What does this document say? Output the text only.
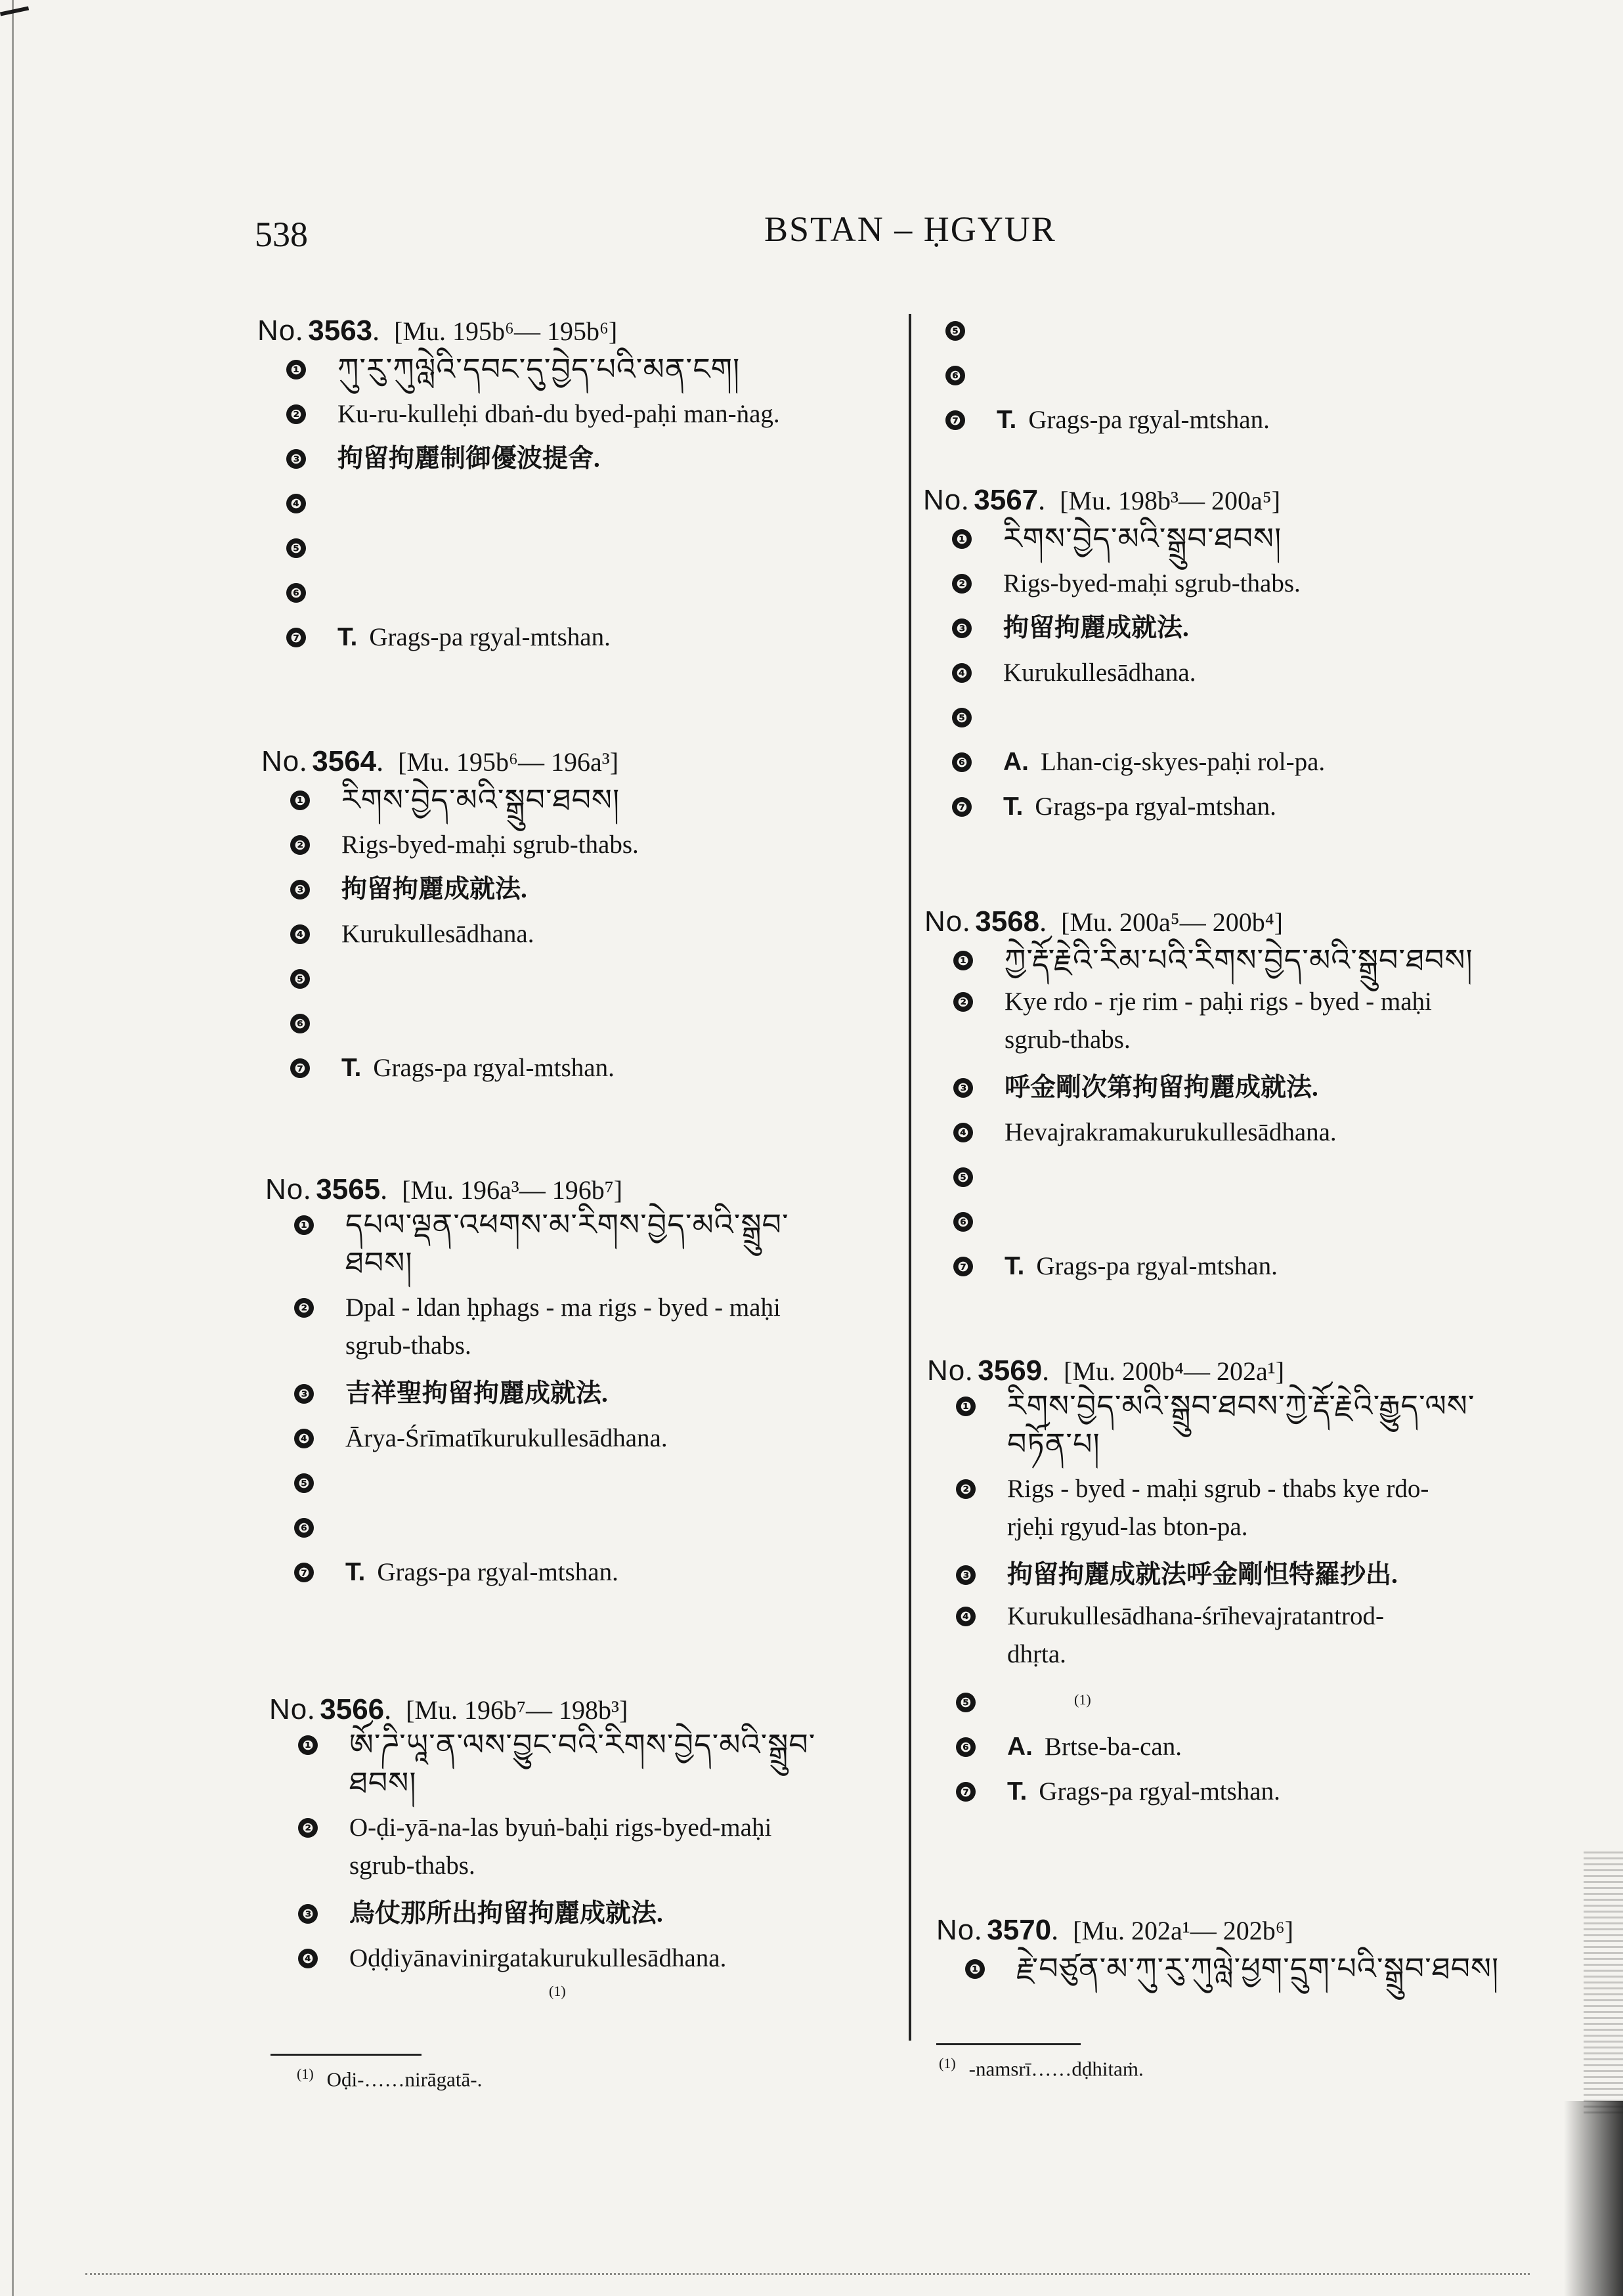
538	BSTAN – ḤGYUR
No . 3563 . [Mu. 195b⁶— 195b⁶]
❶ ཀུ་རུ་ཀུལླེའི་དབང་དུ་བྱེད་པའི་མན་ངག།
❷ Ku-ru-kulleḥi dbaṅ-du byed-paḥi man-ṅag.
❸ 拘留拘麗制御優波提舍.
❹
❺
❻
❼ T. Grags-pa rgyal-mtshan.
No . 3564 . [Mu. 195b⁶— 196a³]
❶ རིགས་བྱེད་མའི་སྒྲུབ་ཐབས།
❷ Rigs-byed-maḥi sgrub-thabs.
❸ 拘留拘麗成就法.
❹ Kurukullesādhana.
❺
❻
❼ T. Grags-pa rgyal-mtshan.
No . 3565 . [Mu. 196a³— 196b⁷]
❶ དཔལ་ལྡན་འཕགས་མ་རིགས་བྱེད་མའི་སྒྲུབ་
ཐབས།
❷ Dpal - ldan ḥphags - ma rigs - byed - maḥi
sgrub-thabs.
❸ 吉祥聖拘留拘麗成就法.
❹ Ārya-Śrīmatīkurukullesādhana.
❺
❻
❼ T. Grags-pa rgyal-mtshan.
No . 3566 . [Mu. 196b⁷— 198b³]
❶ ཨོ་ཌི་ཡཱ་ན་ལས་བྱུང་བའི་རིགས་བྱེད་མའི་སྒྲུབ་
ཐབས།
❷ O-ḍi-yā-na-las byuṅ-baḥi rigs-byed-maḥi
sgrub-thabs.
❸ 烏仗那所出拘留拘麗成就法.
❹ Oḍḍiyānavinirgatakurukullesādhana.
(1)
$^{(1)}$ Oḍi-……nirāgatā-.
❺
❻
❼ T. Grags-pa rgyal-mtshan.
No . 3567 . [Mu. 198b³— 200a⁵]
❶ རིགས་བྱེད་མའི་སྒྲུབ་ཐབས།
❷ Rigs-byed-maḥi sgrub-thabs.
❸ 拘留拘麗成就法.
❹ Kurukullesādhana.
❺
❻ A. Lhan-cig-skyes-paḥi rol-pa.
❼ T. Grags-pa rgyal-mtshan.
No . 3568 . [Mu. 200a⁵— 200b⁴]
❶ ཀྱེ་རྡོ་རྗེའི་རིམ་པའི་རིགས་བྱེད་མའི་སྒྲུབ་ཐབས།
❷ Kye rdo - rje rim - paḥi rigs - byed - maḥi
sgrub-thabs.
❸ 呼金剛次第拘留拘麗成就法.
❹ Hevajrakramakurukullesādhana.
❺
❻
❼ T. Grags-pa rgyal-mtshan.
No . 3569 . [Mu. 200b⁴— 202a¹]
❶ རིགས་བྱེད་མའི་སྒྲུབ་ཐབས་ཀྱེ་རྡོ་རྗེའི་རྒྱུད་ལས་
བཏོན་པ།
❷ Rigs - byed - maḥi sgrub - thabs kye rdo-
rjeḥi rgyud-las bton-pa.
❸ 拘留拘麗成就法呼金剛怛特羅抄出.
❹ Kurukullesādhana-śrīhevajratantrod-
dhṛta.
❺
❻ A. Brtse-ba-can.
❼ T. Grags-pa rgyal-mtshan.
(1)
No . 3570 . [Mu. 202a¹— 202b⁶]
❶ རྗེ་བཙུན་མ་ཀུ་རུ་ཀུལླེ་ཕྱག་དྲུག་པའི་སྒྲུབ་ཐབས།
$^{(1)}$ -namsrī……dḍhitaṁ.
